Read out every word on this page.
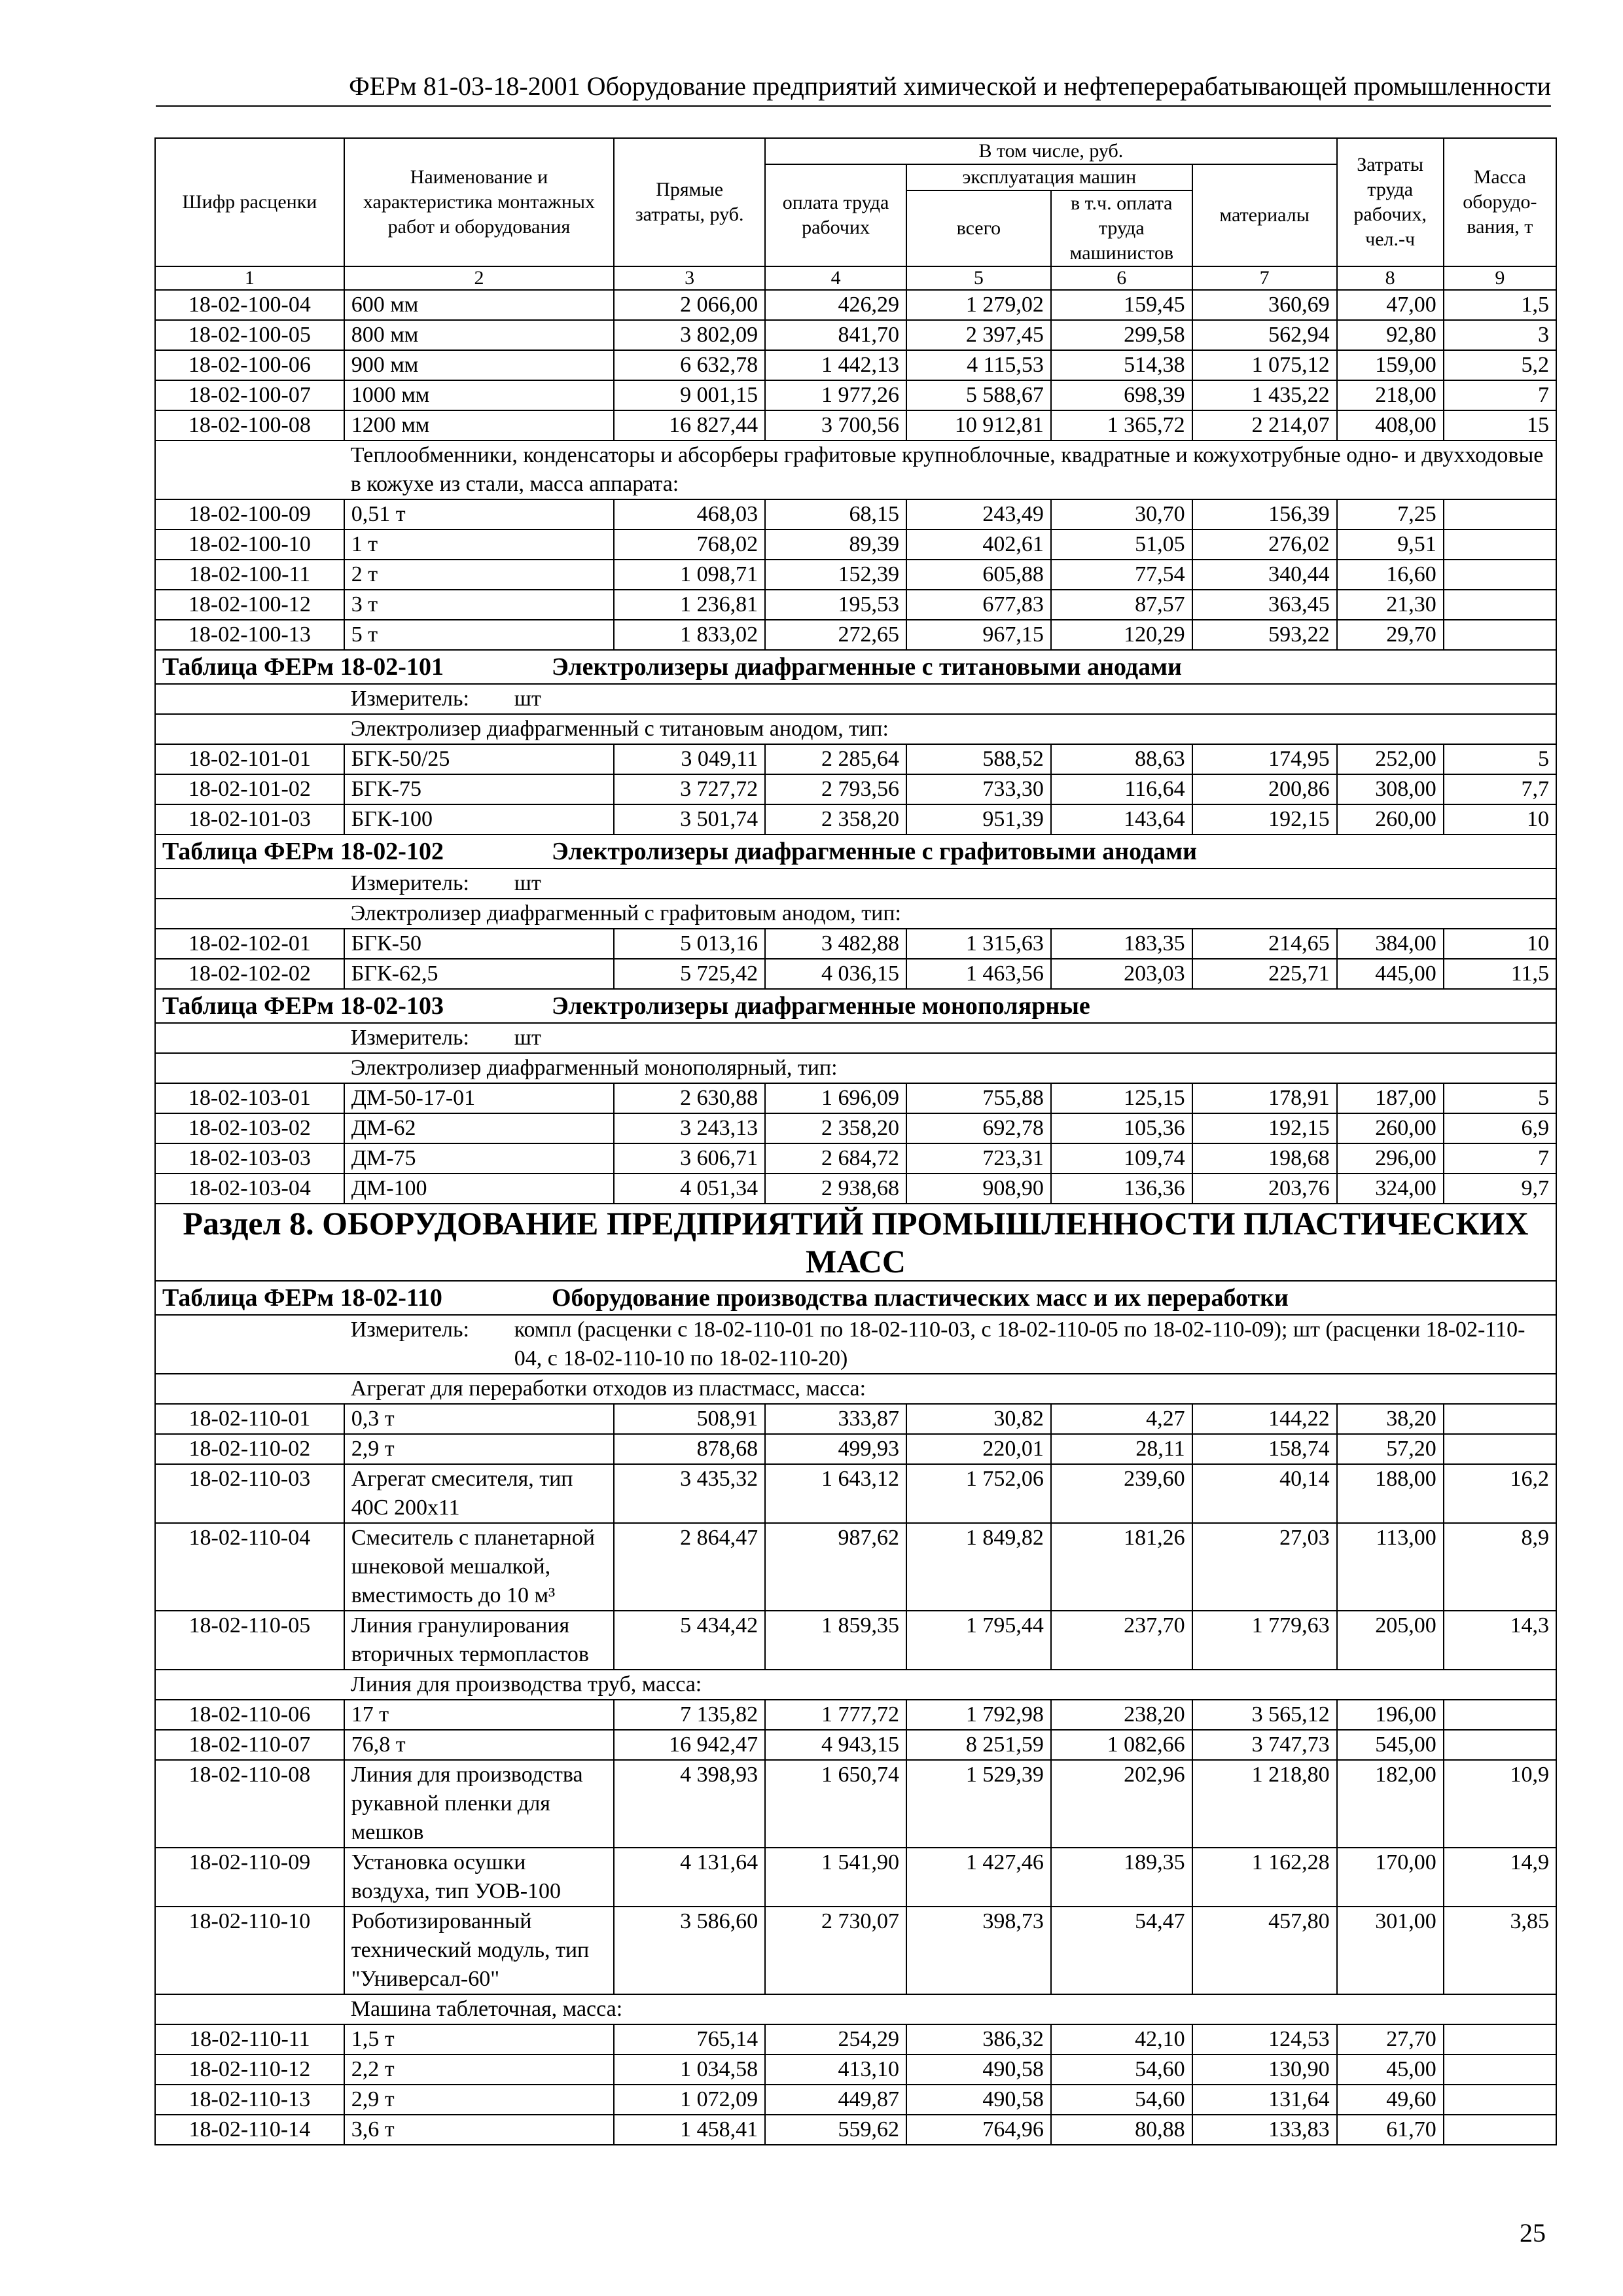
ФЕРм 81-03-18-2001 Оборудование предприятий химической и нефтеперерабатывающей промышленности
Шифр расценки	Наименование и характеристика монтажных работ и оборудования	Прямые затраты, руб.	В том числе, руб.				Затраты труда рабочих, чел.-ч	Масса оборудо-вания, т
			оплата труда рабочих	эксплуатация машин		материалы		
				всего	в т.ч. оплата труда машинистов			
1	2	3	4	5	6	7	8	9
18-02-100-04	600 мм	2 066,00	426,29	1 279,02	159,45	360,69	47,00	1,5
18-02-100-05	800 мм	3 802,09	841,70	2 397,45	299,58	562,94	92,80	3
18-02-100-06	900 мм	6 632,78	1 442,13	4 115,53	514,38	1 075,12	159,00	5,2
18-02-100-07	1000 мм	9 001,15	1 977,26	5 588,67	698,39	1 435,22	218,00	7
18-02-100-08	1200 мм	16 827,44	3 700,56	10 912,81	1 365,72	2 214,07	408,00	15
	Теплообменники, конденсаторы и абсорберы графитовые крупноблочные, квадратные и кожухотрубные одно- и двухходовые в кожухе из стали, масса аппарата:							
18-02-100-09	0,51 т	468,03	68,15	243,49	30,70	156,39	7,25	
18-02-100-10	1 т	768,02	89,39	402,61	51,05	276,02	9,51	
18-02-100-11	2 т	1 098,71	152,39	605,88	77,54	340,44	16,60	
18-02-100-12	3 т	1 236,81	195,53	677,83	87,57	363,45	21,30	
18-02-100-13	5 т	1 833,02	272,65	967,15	120,29	593,22	29,70	
Таблица ФЕРм 18-02-101 Электролизеры диафрагменные с титановыми анодами								

	Измеритель: шт							

	Электролизер диафрагменный с титановым анодом, тип:							
18-02-101-01	БГК-50/25	3 049,11	2 285,64	588,52	88,63	174,95	252,00	5
18-02-101-02	БГК-75	3 727,72	2 793,56	733,30	116,64	200,86	308,00	7,7
18-02-101-03	БГК-100	3 501,74	2 358,20	951,39	143,64	192,15	260,00	10
Таблица ФЕРм 18-02-102 Электролизеры диафрагменные с графитовыми анодами								

	Измеритель: шт							

	Электролизер диафрагменный с графитовым анодом, тип:							
18-02-102-01	БГК-50	5 013,16	3 482,88	1 315,63	183,35	214,65	384,00	10
18-02-102-02	БГК-62,5	5 725,42	4 036,15	1 463,56	203,03	225,71	445,00	11,5
Таблица ФЕРм 18-02-103 Электролизеры диафрагменные монополярные								

	Измеритель: шт							

	Электролизер диафрагменный монополярный, тип:							
18-02-103-01	ДМ-50-17-01	2 630,88	1 696,09	755,88	125,15	178,91	187,00	5
18-02-103-02	ДМ-62	3 243,13	2 358,20	692,78	105,36	192,15	260,00	6,9
18-02-103-03	ДМ-75	3 606,71	2 684,72	723,31	109,74	198,68	296,00	7
18-02-103-04	ДМ-100	4 051,34	2 938,68	908,90	136,36	203,76	324,00	9,7
Раздел 8. ОБОРУДОВАНИЕ ПРЕДПРИЯТИЙ ПРОМЫШЛЕННОСТИ ПЛАСТИЧЕСКИХ МАСС								
Таблица ФЕРм 18-02-110 Оборудование производства пластических масс и их переработки								

	Измеритель: компл (расценки с 18-02-110-01 по 18-02-110-03, с 18-02-110-05 по 18-02-110-09); шт (расценки 18-02-110-04, с 18-02-110-10 по 18-02-110-20)							

	Агрегат для переработки отходов из пластмасс, масса:							
18-02-110-01	0,3 т	508,91	333,87	30,82	4,27	144,22	38,20	
18-02-110-02	2,9 т	878,68	499,93	220,01	28,11	158,74	57,20	
18-02-110-03	Агрегат смесителя, тип 40С 200х11	3 435,32	1 643,12	1 752,06	239,60	40,14	188,00	16,2
18-02-110-04	Смеситель с планетарной шнековой мешалкой, вместимость до 10 м³	2 864,47	987,62	1 849,82	181,26	27,03	113,00	8,9
18-02-110-05	Линия гранулирования вторичных термопластов	5 434,42	1 859,35	1 795,44	237,70	1 779,63	205,00	14,3
	Линия для производства труб, масса:							
18-02-110-06	17 т	7 135,82	1 777,72	1 792,98	238,20	3 565,12	196,00	
18-02-110-07	76,8 т	16 942,47	4 943,15	8 251,59	1 082,66	3 747,73	545,00	
18-02-110-08	Линия для производства рукавной пленки для мешков	4 398,93	1 650,74	1 529,39	202,96	1 218,80	182,00	10,9
18-02-110-09	Установка осушки воздуха, тип УОВ-100	4 131,64	1 541,90	1 427,46	189,35	1 162,28	170,00	14,9
18-02-110-10	Роботизированный технический модуль, тип "Универсал-60"	3 586,60	2 730,07	398,73	54,47	457,80	301,00	3,85
	Машина таблеточная, масса:							
18-02-110-11	1,5 т	765,14	254,29	386,32	42,10	124,53	27,70	
18-02-110-12	2,2 т	1 034,58	413,10	490,58	54,60	130,90	45,00	
18-02-110-13	2,9 т	1 072,09	449,87	490,58	54,60	131,64	49,60	
18-02-110-14	3,6 т	1 458,41	559,62	764,96	80,88	133,83	61,70	
25
